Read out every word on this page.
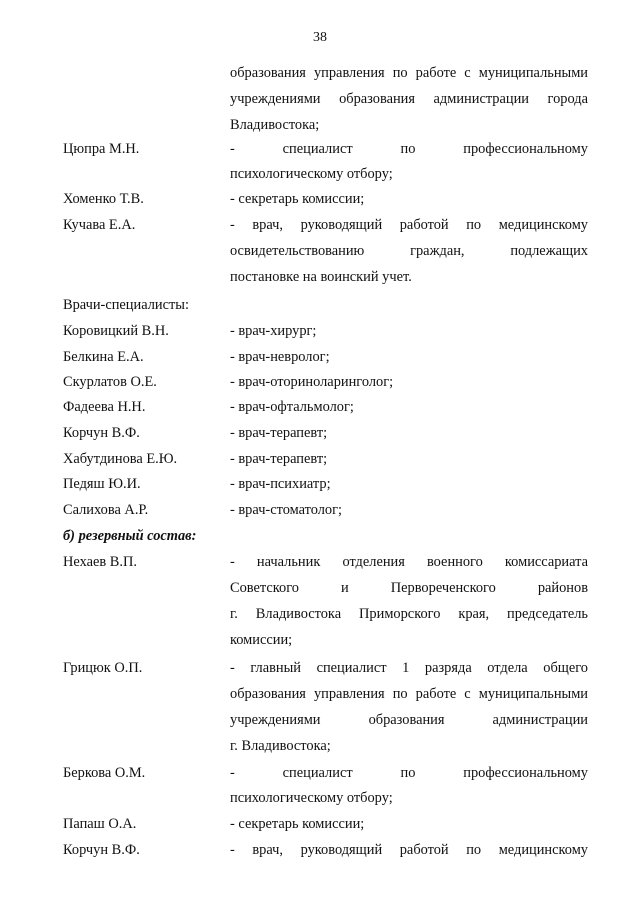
38
образования управления по работе с муниципальными
учреждениями образования администрации города
Владивостока;
Цюпра М.Н.	-           специалист           по           профессиональному
психологическому отбору;
Хоменко Т.В.	- секретарь комиссии;
Кучава Е.А.	- врач, руководящий работой по медицинскому
освидетельствованию граждан, подлежащих
постановке на воинский учет.
Врачи-специалисты:
Коровицкий В.Н.	- врач-хирург;
Белкина Е.А.	- врач-невролог;
Скурлатов О.Е.	- врач-оториноларинголог;
Фадеева Н.Н.	- врач-офтальмолог;
Корчун В.Ф.	- врач-терапевт;
Хабутдинова Е.Ю.	- врач-терапевт;
Педяш Ю.И.	- врач-психиатр;
Салихова А.Р.	- врач-стоматолог;
б) резервный состав:
Нехаев В.П.	- начальник отделения военного комиссариата
Советского и Первореченского районов
г. Владивостока Приморского края, председатель
комиссии;
Грицюк О.П.	- главный специалист 1 разряда отдела общего
образования управления по работе с муниципальными
учреждениями образования администрации
г. Владивостока;
Беркова О.М.	-           специалист           по           профессиональному
психологическому отбору;
Папаш О.А.	- секретарь комиссии;
Корчун В.Ф.	- врач, руководящий работой по медицинскому
